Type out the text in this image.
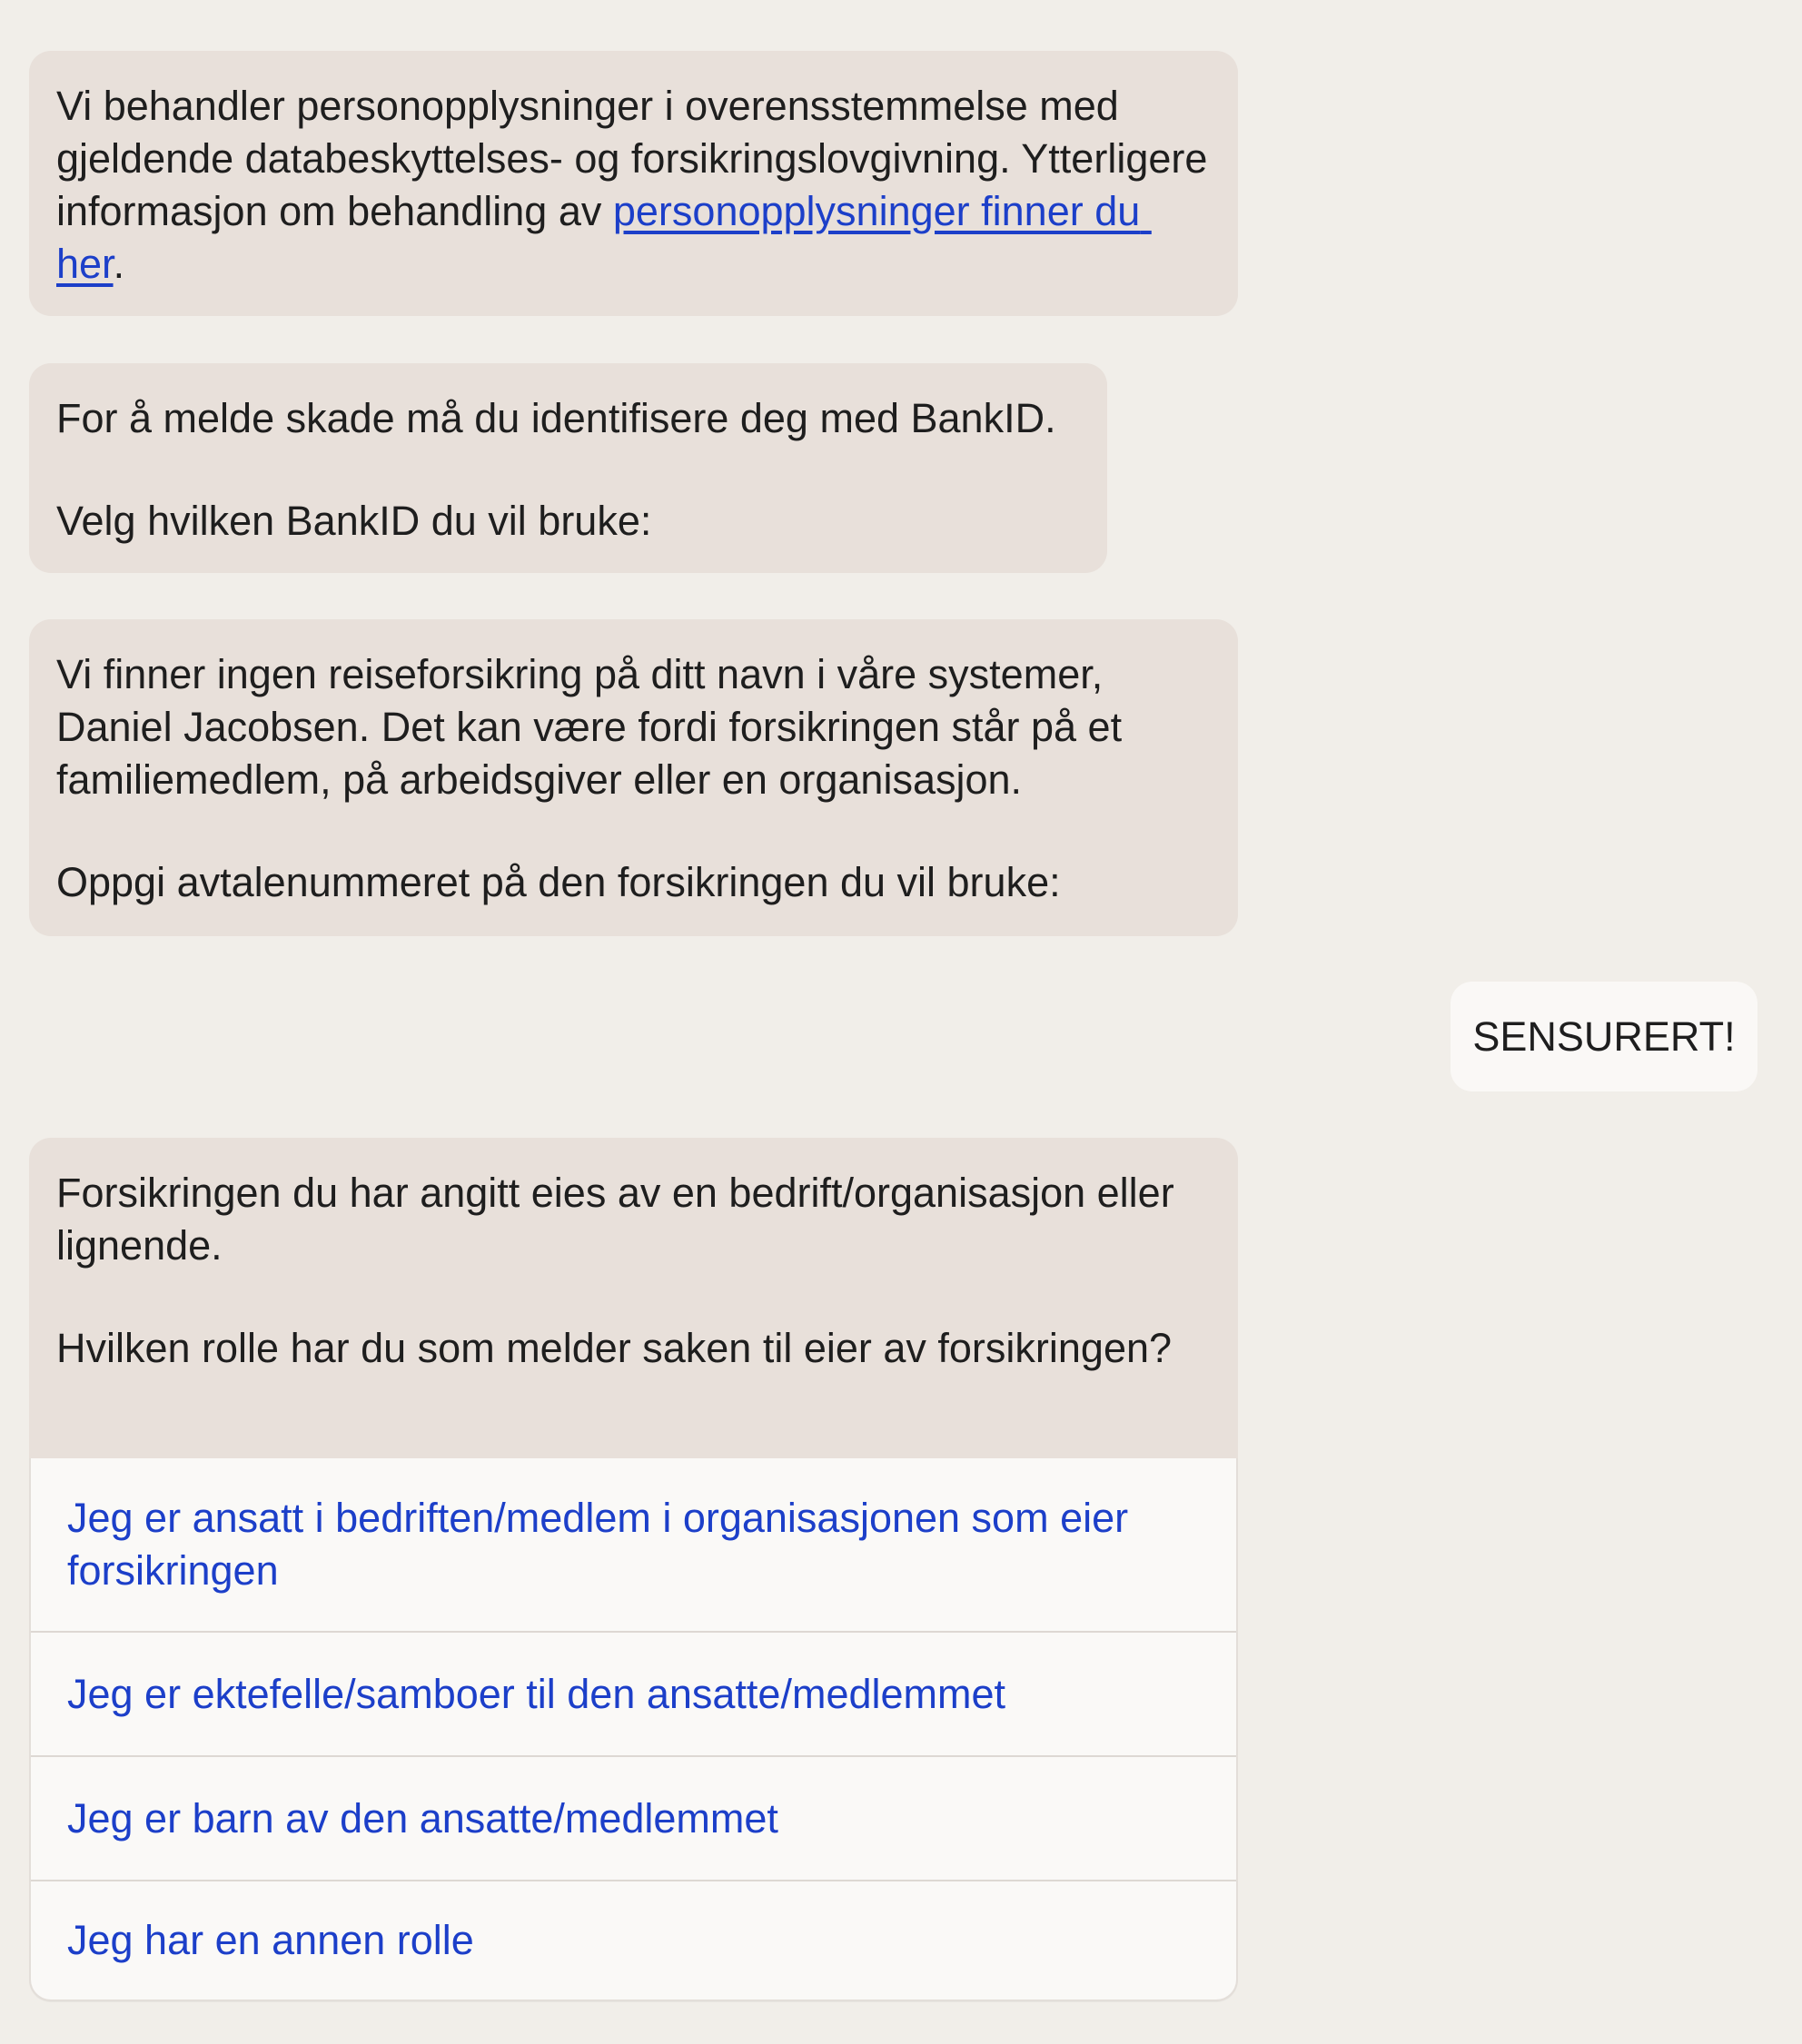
Vi behandler personopplysninger i overensstemmelse med gjeldende databeskyttelses- og forsikringslovgivning. Ytterligere informasjon om behandling av personopplysninger finner du her.

For å melde skade må du identifisere deg med BankID.

Velg hvilken BankID du vil bruke:

Vi finner ingen reiseforsikring på ditt navn i våre systemer, Daniel Jacobsen. Det kan være fordi forsikringen står på et familiemedlem, på arbeidsgiver eller en organisasjon.

Oppgi avtalenummeret på den forsikringen du vil bruke:

SENSURERT!

Forsikringen du har angitt eies av en bedrift/organisasjon eller lignende.

Hvilken rolle har du som melder saken til eier av forsikringen?

Jeg er ansatt i bedriften/medlem i organisasjonen som eier forsikringen
Jeg er ektefelle/samboer til den ansatte/medlemmet
Jeg er barn av den ansatte/medlemmet
Jeg har en annen rolle
